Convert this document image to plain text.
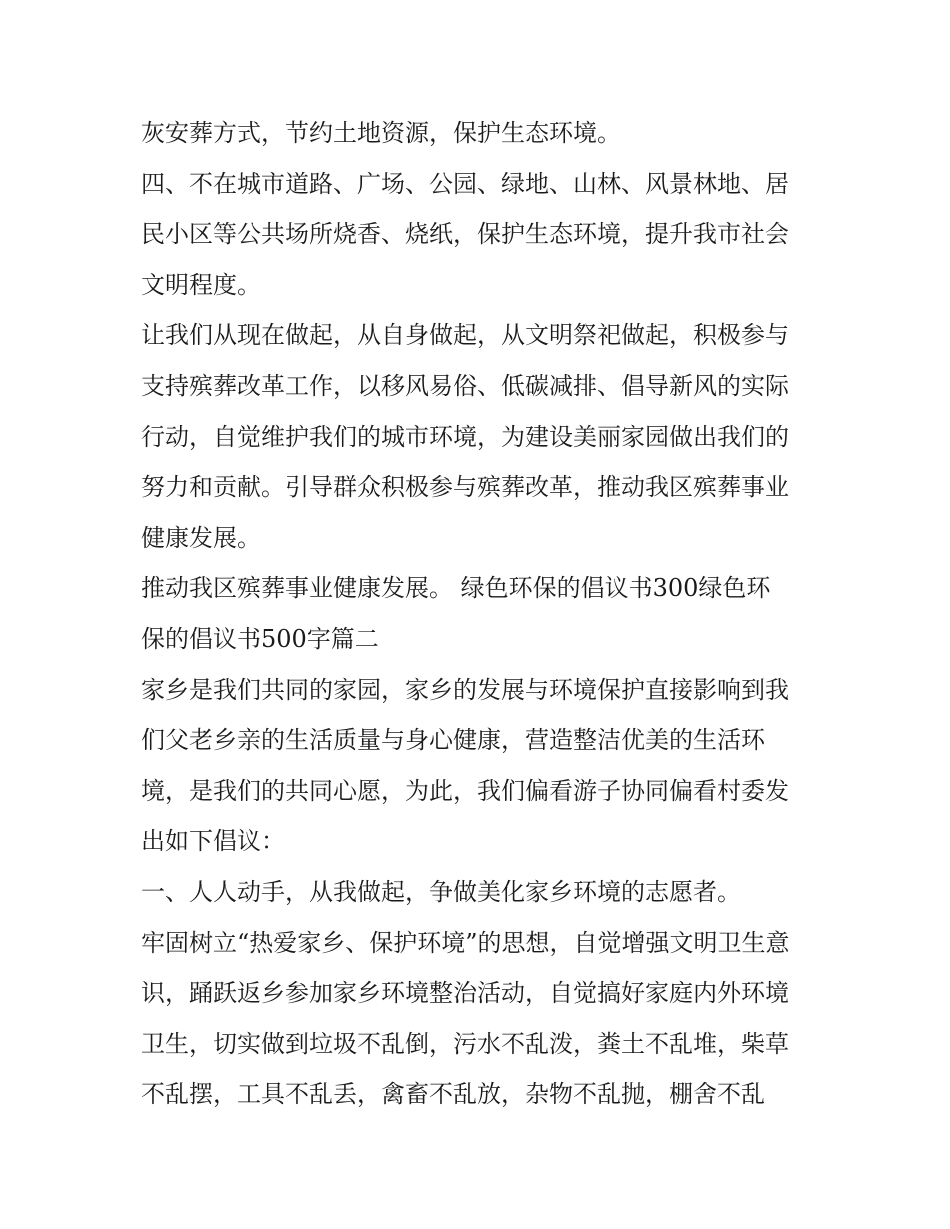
灰安葬方式，节约土地资源，保护生态环境。
四、不在城市道路、广场、公园、绿地、山林、风景林地、居
民小区等公共场所烧香、烧纸，保护生态环境，提升我市社会
文明程度。
让我们从现在做起，从自身做起，从文明祭祀做起，积极参与
支持殡葬改革工作，以移风易俗、低碳减排、倡导新风的实际
行动，自觉维护我们的城市环境，为建设美丽家园做出我们的
努力和贡献。引导群众积极参与殡葬改革，推动我区殡葬事业
健康发展。
推动我区殡葬事业健康发展。 绿色环保的倡议书300绿色环
保的倡议书500字篇二
家乡是我们共同的家园，家乡的发展与环境保护直接影响到我
们父老乡亲的生活质量与身心健康，营造整洁优美的生活环
境，是我们的共同心愿，为此，我们偏看游子协同偏看村委发
出如下倡议：
一、人人动手，从我做起，争做美化家乡环境的志愿者。
牢固树立“热爱家乡、保护环境”的思想，自觉增强文明卫生意
识，踊跃返乡参加家乡环境整治活动，自觉搞好家庭内外环境
卫生，切实做到垃圾不乱倒，污水不乱泼，粪土不乱堆，柴草
不乱摆，工具不乱丢，禽畜不乱放，杂物不乱抛，棚舍不乱
